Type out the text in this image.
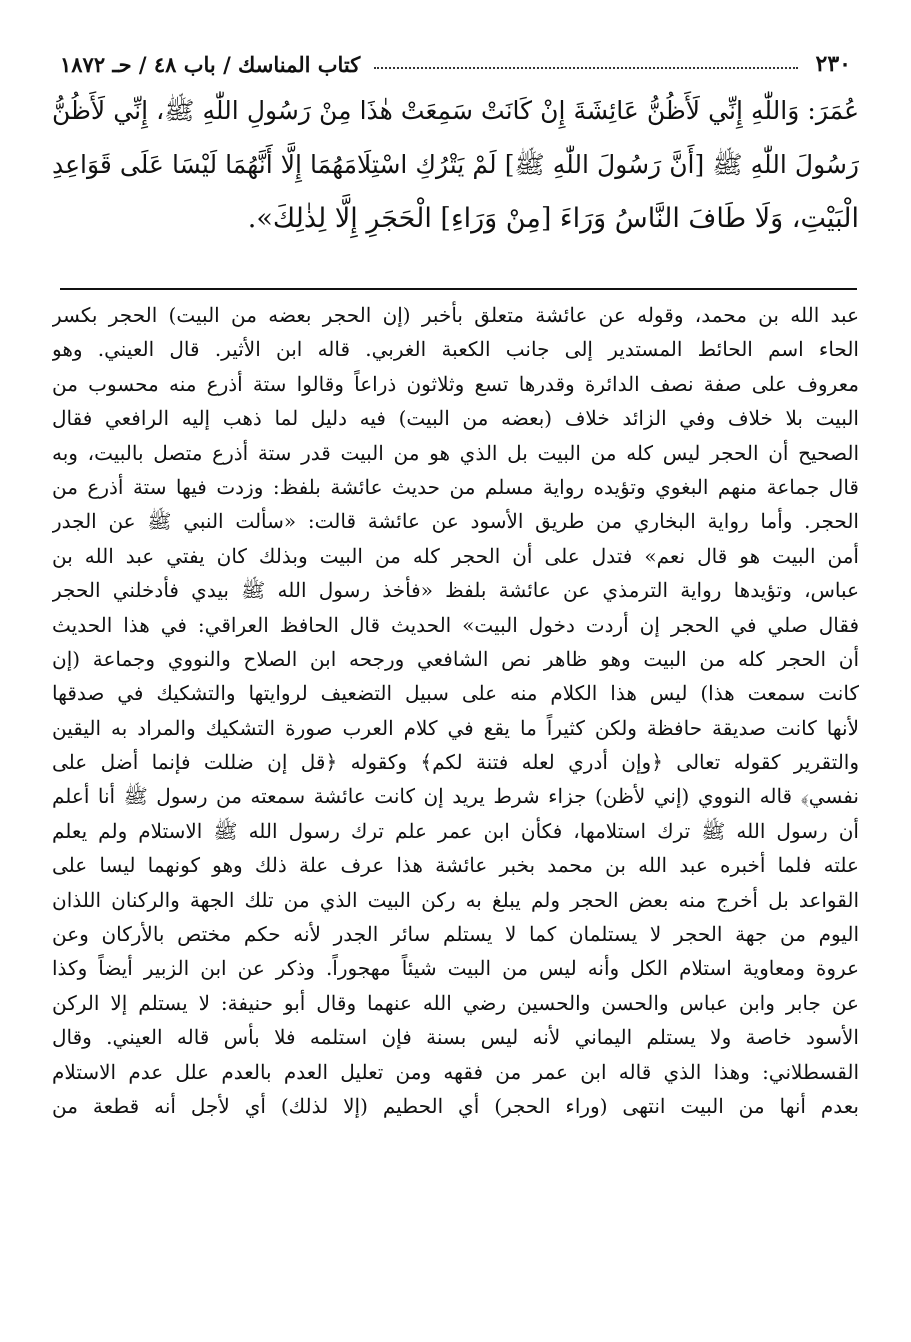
٢٣٠
كتاب المناسك / باب ٤٨ / حـ ١٨٧٢
عُمَرَ: وَاللّٰهِ إِنِّي لَأَظُنُّ عَائِشَةَ إِنْ كَانَتْ سَمِعَتْ هٰذَا مِنْ رَسُولِ اللّٰهِ ﷺ، إِنِّي لَأَظُنُّ
رَسُولَ اللّٰهِ ﷺ [أَنَّ رَسُولَ اللّٰهِ ﷺ] لَمْ يَتْرُكِ اسْتِلَامَهُمَا إِلَّا أَنَّهُمَا لَيْسَا عَلَى قَوَاعِدِ
الْبَيْتِ، وَلَا طَافَ النَّاسُ وَرَاءَ [مِنْ وَرَاءِ] الْحَجَرِ إِلَّا لِذٰلِكَ».
عبد الله بن محمد، وقوله عن عائشة متعلق بأخبر (إن الحجر بعضه من البيت) الحجر بكسر
الحاء اسم الحائط المستدير إلى جانب الكعبة الغربي. قاله ابن الأثير. قال العيني. وهو
معروف على صفة نصف الدائرة وقدرها تسع وثلاثون ذراعاً وقالوا ستة أذرع منه محسوب من
البيت بلا خلاف وفي الزائد خلاف (بعضه من البيت) فيه دليل لما ذهب إليه الرافعي فقال
الصحيح أن الحجر ليس كله من البيت بل الذي هو من البيت قدر ستة أذرع متصل بالبيت، وبه
قال جماعة منهم البغوي وتؤيده رواية مسلم من حديث عائشة بلفظ: وزدت فيها ستة أذرع من
الحجر. وأما رواية البخاري من طريق الأسود عن عائشة قالت: «سألت النبي ﷺ عن الجدر
أمن البيت هو قال نعم» فتدل على أن الحجر كله من البيت وبذلك كان يفتي عبد الله بن
عباس، وتؤيدها رواية الترمذي عن عائشة بلفظ «فأخذ رسول الله ﷺ بيدي فأدخلني الحجر
فقال صلي في الحجر إن أردت دخول البيت» الحديث قال الحافظ العراقي: في هذا الحديث
أن الحجر كله من البيت وهو ظاهر نص الشافعي ورجحه ابن الصلاح والنووي وجماعة (إن
كانت سمعت هذا) ليس هذا الكلام منه على سبيل التضعيف لروايتها والتشكيك في صدقها
لأنها كانت صديقة حافظة ولكن كثيراً ما يقع في كلام العرب صورة التشكيك والمراد به اليقين
والتقرير كقوله تعالى ﴿وإن أدري لعله فتنة لكم﴾ وكقوله ﴿قل إن ضللت فإنما أضل على
نفسي﴾ قاله النووي (إني لأظن) جزاء شرط يريد إن كانت عائشة سمعته من رسول ﷺ أنا أعلم
أن رسول الله ﷺ ترك استلامها، فكأن ابن عمر علم ترك رسول الله ﷺ الاستلام ولم يعلم
علته فلما أخبره عبد الله بن محمد بخبر عائشة هذا عرف علة ذلك وهو كونهما ليسا على
القواعد بل أخرج منه بعض الحجر ولم يبلغ به ركن البيت الذي من تلك الجهة والركنان اللذان
اليوم من جهة الحجر لا يستلمان كما لا يستلم سائر الجدر لأنه حكم مختص بالأركان وعن
عروة ومعاوية استلام الكل وأنه ليس من البيت شيئاً مهجوراً. وذكر عن ابن الزبير أيضاً وكذا
عن جابر وابن عباس والحسن والحسين رضي الله عنهما وقال أبو حنيفة: لا يستلم إلا الركن
الأسود خاصة ولا يستلم اليماني لأنه ليس بسنة فإن استلمه فلا بأس قاله العيني. وقال
القسطلاني: وهذا الذي قاله ابن عمر من فقهه ومن تعليل العدم بالعدم علل عدم الاستلام
بعدم أنها من البيت انتهى (وراء الحجر) أي الحطيم (إلا لذلك) أي لأجل أنه قطعة من
